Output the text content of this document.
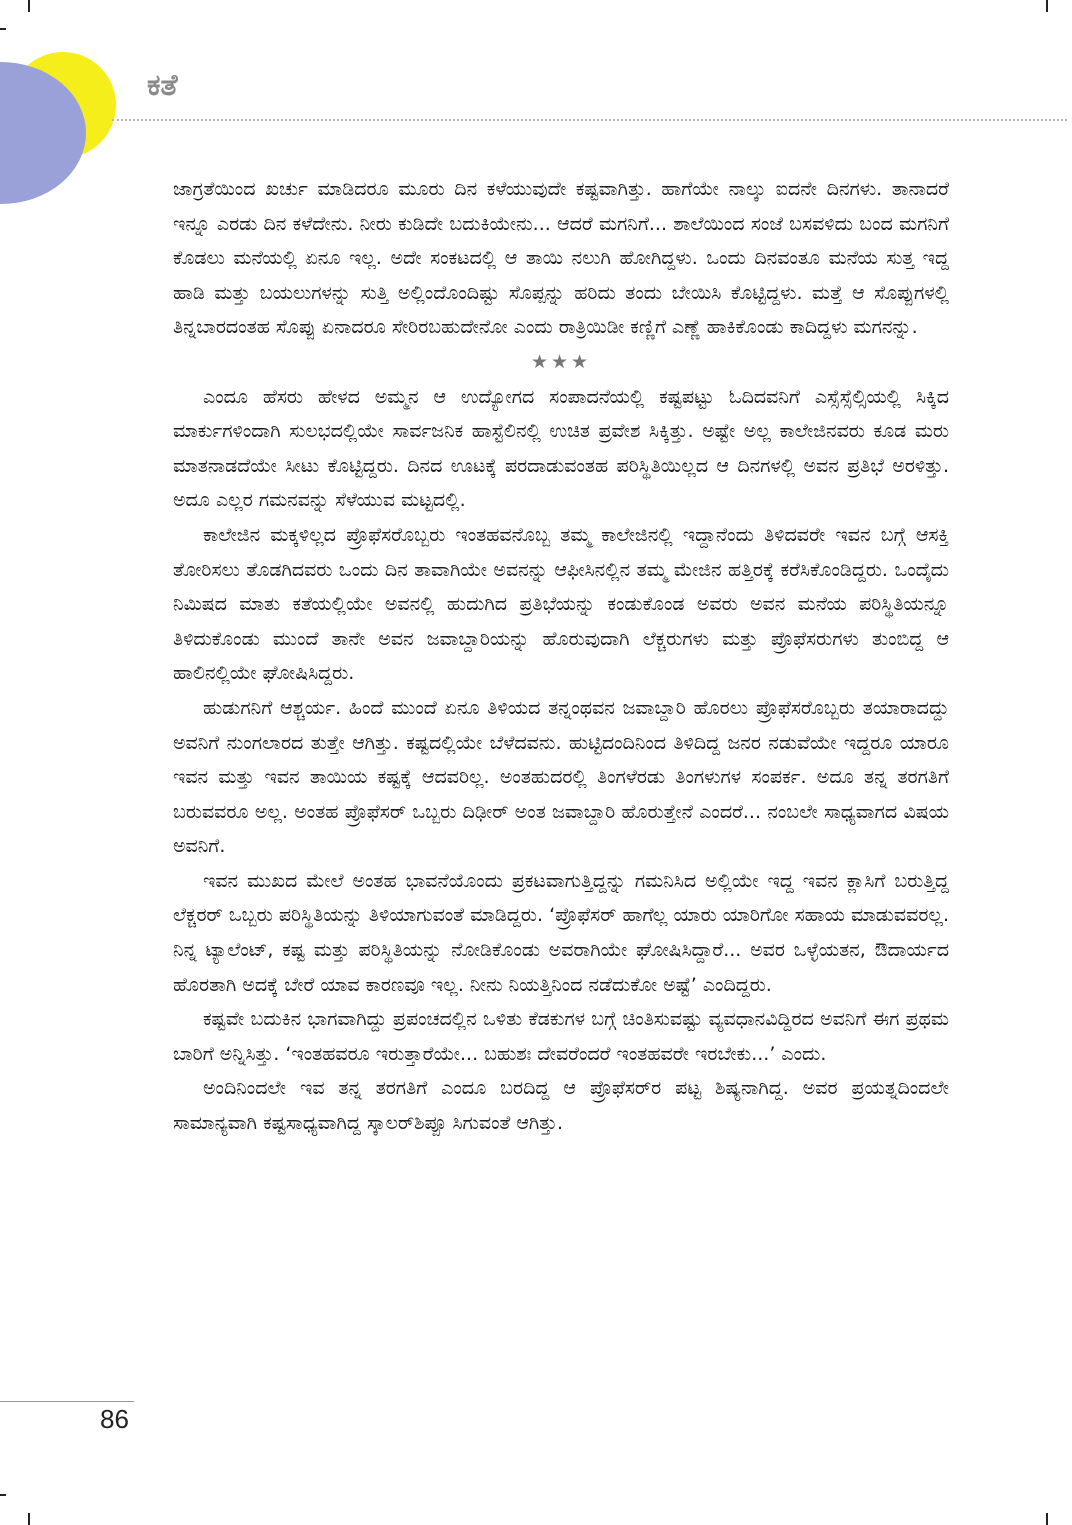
ಕತೆ

ಜಾಗ್ರತೆಯಿಂದ ಖರ್ಚು ಮಾಡಿದರೂ ಮೂರು ದಿನ ಕಳೆಯುವುದೇ ಕಷ್ಟವಾಗಿತ್ತು. ಹಾಗೆಯೇ ನಾಲ್ಕು ಐದನೇ ದಿನಗಳು. ತಾನಾದರೆ ಇನ್ನೂ ಎರಡು ದಿನ ಕಳೆದೇನು. ನೀರು ಕುಡಿದೇ ಬದುಕಿಯೇನು... ಆದರೆ ಮಗನಿಗೆ... ಶಾಲೆಯಿಂದ ಸಂಜೆ ಬಸವಳಿದು ಬಂದ ಮಗನಿಗೆ ಕೊಡಲು ಮನೆಯಲ್ಲಿ ಏನೂ ಇಲ್ಲ. ಅದೇ ಸಂಕಟದಲ್ಲಿ ಆ ತಾಯಿ ನಲುಗಿ ಹೋಗಿದ್ದಳು. ಒಂದು ದಿನವಂತೂ ಮನೆಯ ಸುತ್ತ ಇದ್ದ ಹಾಡಿ ಮತ್ತು ಬಯಲುಗಳನ್ನು ಸುತ್ತಿ ಅಲ್ಲಿಂದೊಂದಿಷ್ಟು ಸೊಪ್ಪನ್ನು ಹರಿದು ತಂದು ಬೇಯಿಸಿ ಕೊಟ್ಟಿದ್ದಳು. ಮತ್ತೆ ಆ ಸೊಪ್ಪುಗಳಲ್ಲಿ ತಿನ್ನಬಾರದಂತಹ ಸೊಪ್ಪು ಏನಾದರೂ ಸೇರಿರಬಹುದೇನೋ ಎಂದು ರಾತ್ರಿಯಿಡೀ ಕಣ್ಣಿಗೆ ಎಣ್ಣೆ ಹಾಕಿಕೊಂಡು ಕಾದಿದ್ದಳು ಮಗನನ್ನು.

★★★

ಎಂದೂ ಹೆಸರು ಹೇಳದ ಅಮ್ಮನ ಆ ಉದ್ಯೋಗದ ಸಂಪಾದನೆಯಲ್ಲಿ ಕಷ್ಟಪಟ್ಟು ಓದಿದವನಿಗೆ ಎಸ್ಸೆಸ್ಸೆಲ್ಸಿಯಲ್ಲಿ ಸಿಕ್ಕಿದ ಮಾರ್ಕುಗಳಿಂದಾಗಿ ಸುಲಭದಲ್ಲಿಯೇ ಸಾರ್ವಜನಿಕ ಹಾಸ್ಟೆಲಿನಲ್ಲಿ ಉಚಿತ ಪ್ರವೇಶ ಸಿಕ್ಕಿತ್ತು. ಅಷ್ಟೇ ಅಲ್ಲ ಕಾಲೇಜಿನವರು ಕೂಡ ಮರು ಮಾತನಾಡದೆಯೇ ಸೀಟು ಕೊಟ್ಟಿದ್ದರು. ದಿನದ ಊಟಕ್ಕೆ ಪರದಾಡುವಂತಹ ಪರಿಸ್ಥಿತಿಯಿಲ್ಲದ ಆ ದಿನಗಳಲ್ಲಿ ಅವನ ಪ್ರತಿಭೆ ಅರಳಿತ್ತು. ಅದೂ ಎಲ್ಲರ ಗಮನವನ್ನು ಸೆಳೆಯುವ ಮಟ್ಟದಲ್ಲಿ.

ಕಾಲೇಜಿನ ಮಕ್ಕಳಿಲ್ಲದ ಪ್ರೊಫೆಸರೊಬ್ಬರು ಇಂತಹವನೊಬ್ಬ ತಮ್ಮ ಕಾಲೇಜಿನಲ್ಲಿ ಇದ್ದಾನೆಂದು ತಿಳಿದವರೇ ಇವನ ಬಗ್ಗೆ ಆಸಕ್ತಿ ತೋರಿಸಲು ತೊಡಗಿದವರು ಒಂದು ದಿನ ತಾವಾಗಿಯೇ ಅವನನ್ನು ಆಫೀಸಿನಲ್ಲಿನ ತಮ್ಮ ಮೇಜಿನ ಹತ್ತಿರಕ್ಕೆ ಕರೆಸಿಕೊಂಡಿದ್ದರು. ಒಂದೈದು ನಿಮಿಷದ ಮಾತು ಕತೆಯಲ್ಲಿಯೇ ಅವನಲ್ಲಿ ಹುದುಗಿದ ಪ್ರತಿಭೆಯನ್ನು ಕಂಡುಕೊಂಡ ಅವರು ಅವನ ಮನೆಯ ಪರಿಸ್ಥಿತಿಯನ್ನೂ ತಿಳಿದುಕೊಂಡು ಮುಂದೆ ತಾನೇ ಅವನ ಜವಾಬ್ದಾರಿಯನ್ನು ಹೊರುವುದಾಗಿ ಲೆಕ್ಚರುಗಳು ಮತ್ತು ಪ್ರೊಫೆಸರುಗಳು ತುಂಬಿದ್ದ ಆ ಹಾಲಿನಲ್ಲಿಯೇ ಘೋಷಿಸಿದ್ದರು.

ಹುಡುಗನಿಗೆ ಆಶ್ಚರ್ಯ. ಹಿಂದೆ ಮುಂದೆ ಏನೂ ತಿಳಿಯದ ತನ್ನಂಥವನ ಜವಾಬ್ದಾರಿ ಹೊರಲು ಪ್ರೊಫೆಸರೊಬ್ಬರು ತಯಾರಾದದ್ದು ಅವನಿಗೆ ನುಂಗಲಾರದ ತುತ್ತೇ ಆಗಿತ್ತು. ಕಷ್ಟದಲ್ಲಿಯೇ ಬೆಳೆದವನು. ಹುಟ್ಟಿದಂದಿನಿಂದ ತಿಳಿದಿದ್ದ ಜನರ ನಡುವೆಯೇ ಇದ್ದರೂ ಯಾರೂ ಇವನ ಮತ್ತು ಇವನ ತಾಯಿಯ ಕಷ್ಟಕ್ಕೆ ಆದವರಿಲ್ಲ. ಅಂತಹುದರಲ್ಲಿ ತಿಂಗಳೆರಡು ತಿಂಗಳುಗಳ ಸಂಪರ್ಕ. ಅದೂ ತನ್ನ ತರಗತಿಗೆ ಬರುವವರೂ ಅಲ್ಲ. ಅಂತಹ ಪ್ರೊಫೆಸರ್ ಒಬ್ಬರು ದಿಢೀರ್ ಅಂತ ಜವಾಬ್ದಾರಿ ಹೊರುತ್ತೇನೆ ಎಂದರೆ... ನಂಬಲೇ ಸಾಧ್ಯವಾಗದ ವಿಷಯ ಅವನಿಗೆ.

ಇವನ ಮುಖದ ಮೇಲೆ ಅಂತಹ ಭಾವನೆಯೊಂದು ಪ್ರಕಟವಾಗುತ್ತಿದ್ದನ್ನು ಗಮನಿಸಿದ ಅಲ್ಲಿಯೇ ಇದ್ದ ಇವನ ಕ್ಲಾಸಿಗೆ ಬರುತ್ತಿದ್ದ ಲೆಕ್ಚರರ್ ಒಬ್ಬರು ಪರಿಸ್ಥಿತಿಯನ್ನು ತಿಳಿಯಾಗುವಂತೆ ಮಾಡಿದ್ದರು. ‘ಪ್ರೊಫೆಸರ್ ಹಾಗೆಲ್ಲ ಯಾರು ಯಾರಿಗೋ ಸಹಾಯ ಮಾಡುವವರಲ್ಲ. ನಿನ್ನ ಟ್ಯಾಲೆಂಟ್, ಕಷ್ಟ ಮತ್ತು ಪರಿಸ್ಥಿತಿಯನ್ನು ನೋಡಿಕೊಂಡು ಅವರಾಗಿಯೇ ಘೋಷಿಸಿದ್ದಾರೆ... ಅವರ ಒಳ್ಳೆಯತನ, ಔದಾರ್ಯದ ಹೊರತಾಗಿ ಅದಕ್ಕೆ ಬೇರೆ ಯಾವ ಕಾರಣವೂ ಇಲ್ಲ. ನೀನು ನಿಯತ್ತಿನಿಂದ ನಡೆದುಕೋ ಅಷ್ಟೆ’ ಎಂದಿದ್ದರು.

ಕಷ್ಟವೇ ಬದುಕಿನ ಭಾಗವಾಗಿದ್ದು ಪ್ರಪಂಚದಲ್ಲಿನ ಒಳಿತು ಕೆಡಕುಗಳ ಬಗ್ಗೆ ಚಿಂತಿಸುವಷ್ಟು ವ್ಯವಧಾನವಿದ್ದಿರದ ಅವನಿಗೆ ಈಗ ಪ್ರಥಮ ಬಾರಿಗೆ ಅನ್ನಿಸಿತ್ತು. ‘ಇಂತಹವರೂ ಇರುತ್ತಾರೆಯೇ... ಬಹುಶಃ ದೇವರೆಂದರೆ ಇಂತಹವರೇ ಇರಬೇಕು...’ ಎಂದು.

ಅಂದಿನಿಂದಲೇ ಇವ ತನ್ನ ತರಗತಿಗೆ ಎಂದೂ ಬರದಿದ್ದ ಆ ಪ್ರೊಫೆಸರ್‌ರ ಪಟ್ಟ ಶಿಷ್ಯನಾಗಿದ್ದ. ಅವರ ಪ್ರಯತ್ನದಿಂದಲೇ ಸಾಮಾನ್ಯವಾಗಿ ಕಷ್ಟಸಾಧ್ಯವಾಗಿದ್ದ ಸ್ಕಾಲರ್‌ಶಿಪ್ಪೂ ಸಿಗುವಂತೆ ಆಗಿತ್ತು.

86
